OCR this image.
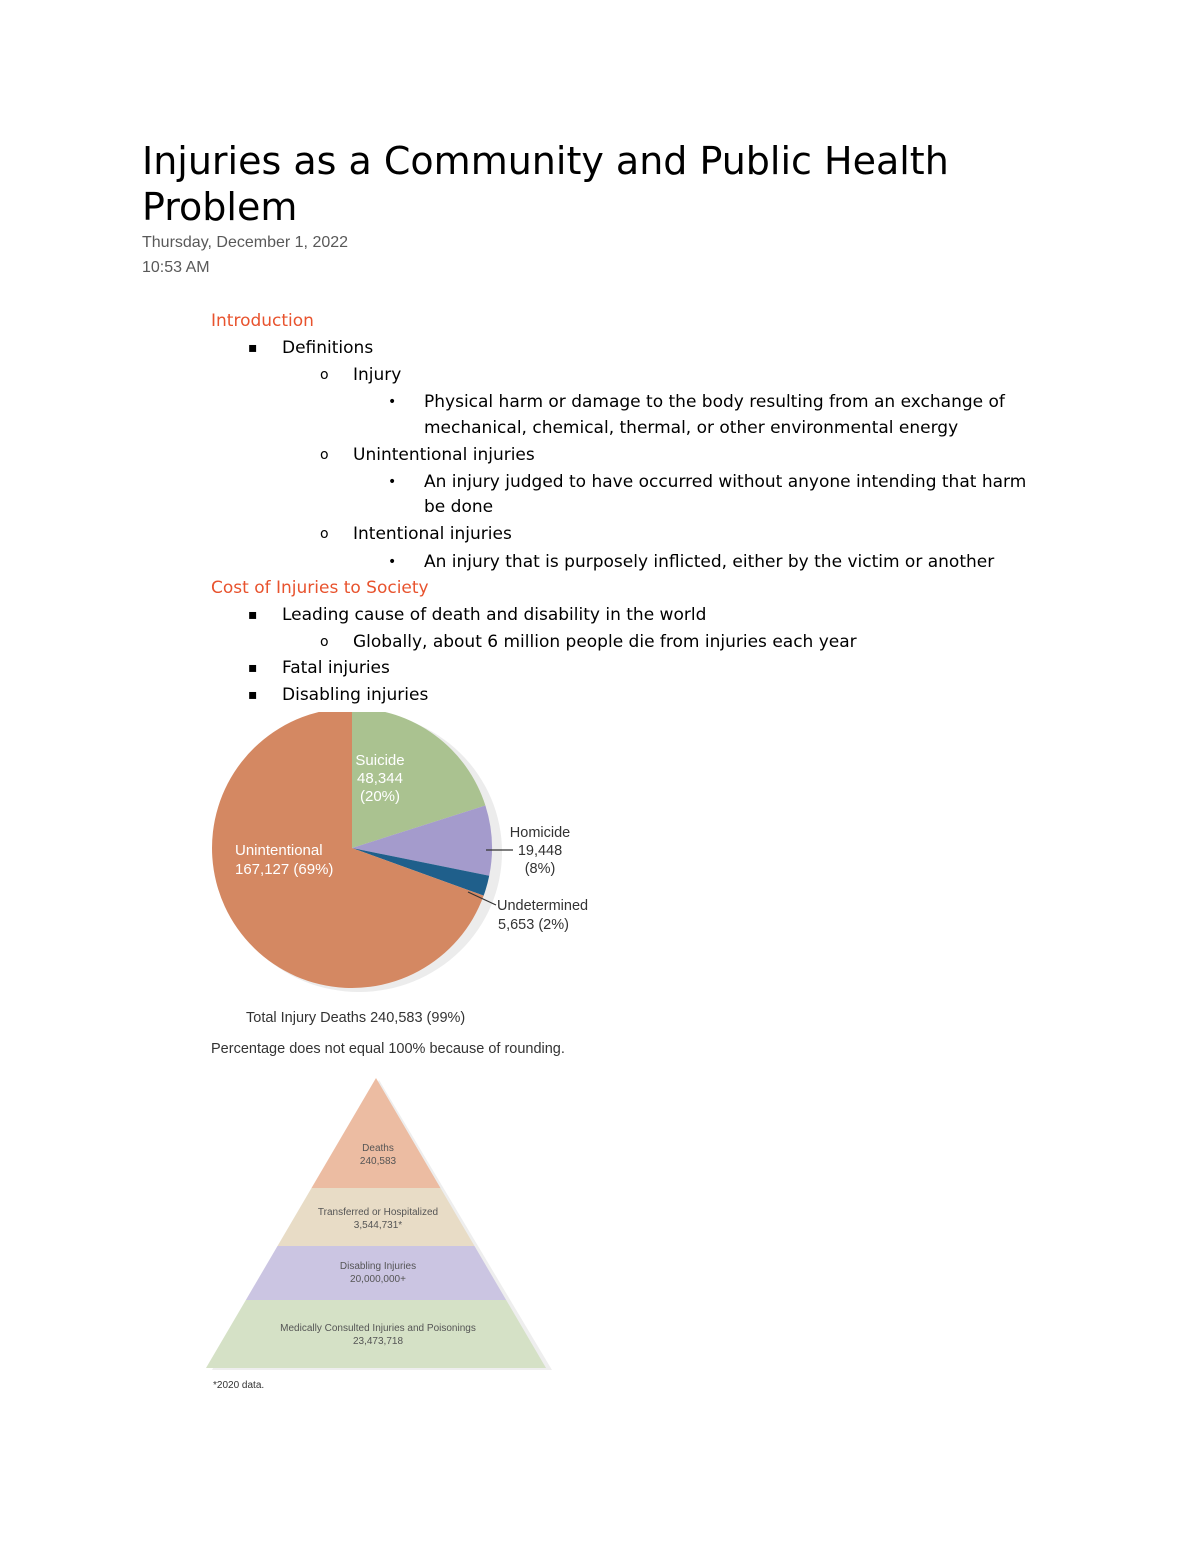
Injuries as a Community and Public Health Problem
Thursday, December 1, 2022
10:53 AM
Introduction
▪ Definitions
o Injury
• Physical harm or damage to the body resulting from an exchange of
mechanical, chemical, thermal, or other environmental energy
o Unintentional injuries
• An injury judged to have occurred without anyone intending that harm
be done
o Intentional injuries
• An injury that is purposely inflicted, either by the victim or another
Cost of Injuries to Society
▪ Leading cause of death and disability in the world
o Globally, about 6 million people die from injuries each year
▪ Fatal injuries
▪ Disabling injuries
Suicide
48,344
(20%)
Unintentional
167,127 (69%)
Homicide
19,448
(8%)
Undetermined
5,653 (2%)
Total Injury Deaths 240,583 (99%)
Percentage does not equal 100% because of rounding.
Deaths
240,583
Transferred or Hospitalized
3,544,731*
Disabling Injuries
20,000,000+
Medically Consulted Injuries and Poisonings
23,473,718
*2020 data.
